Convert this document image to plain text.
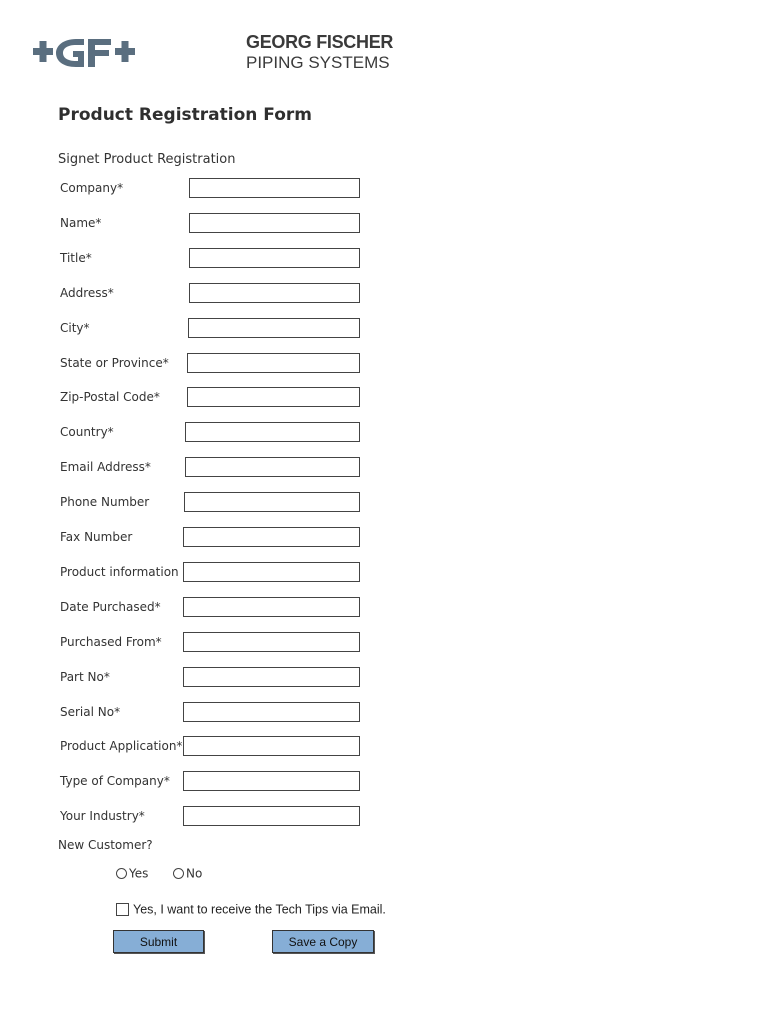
GEORG FISCHER
PIPING SYSTEMS
Product Registration Form
Signet Product Registration
Company*
Name*
Title*
Address*
City*
State or Province*
Zip-Postal Code*
Country*
Email Address*
Phone Number
Fax Number
Product information
Date Purchased*
Purchased From*
Part No*
Serial No*
Product Application*
Type of Company*
Your Industry*
New Customer?
Yes	No
Yes, I want to receive the Tech Tips via Email.
Submit	Save a Copy
